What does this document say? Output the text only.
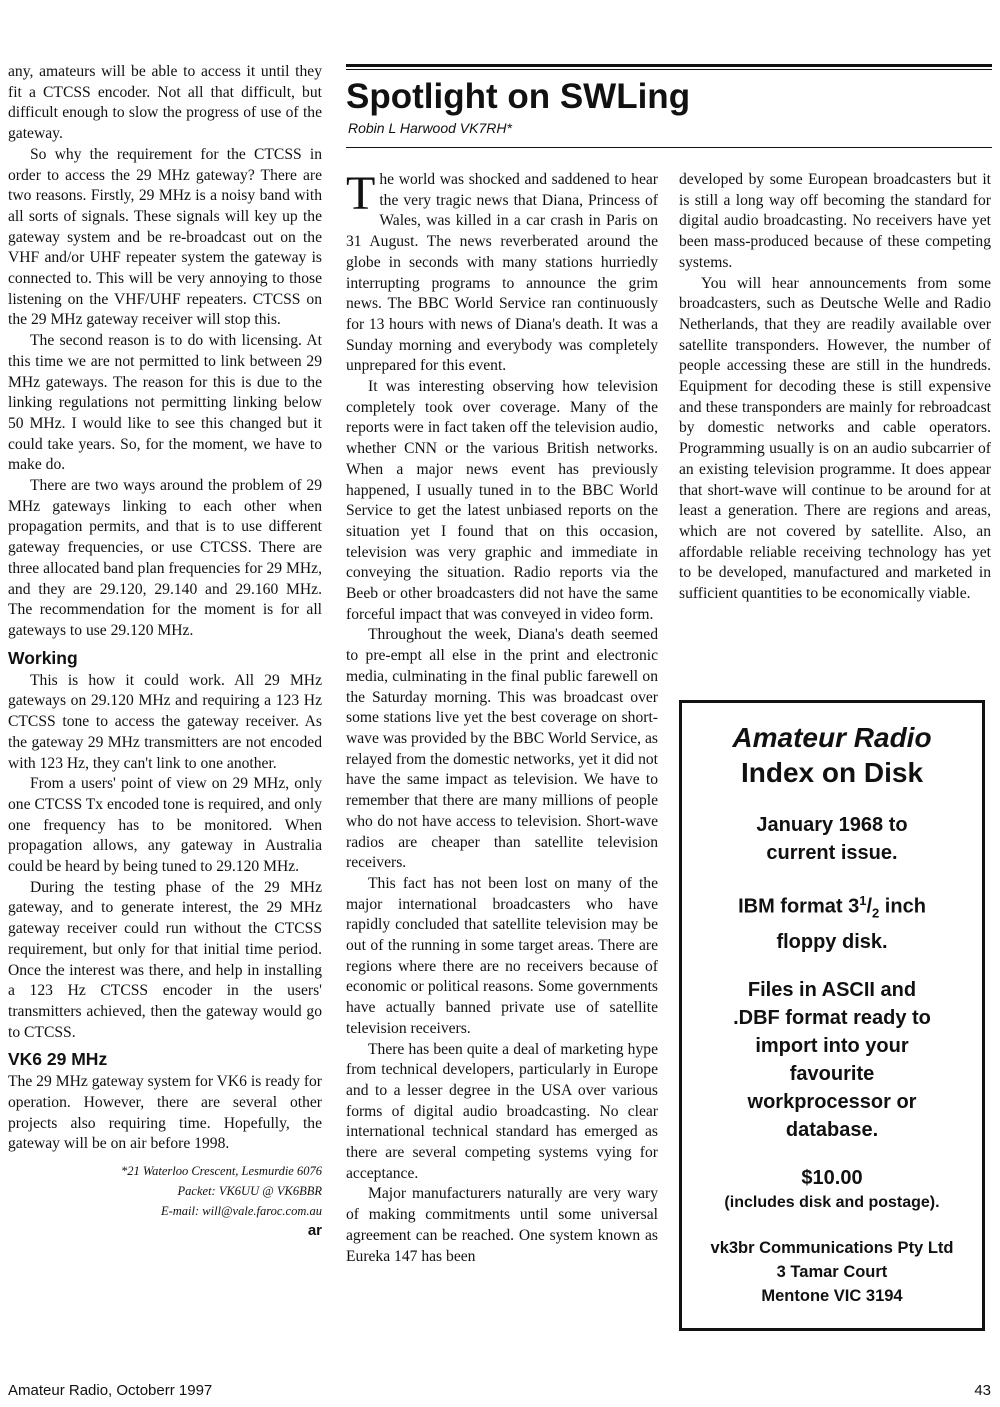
any, amateurs will be able to access it until they fit a CTCSS encoder. Not all that difficult, but difficult enough to slow the progress of use of the gateway.

So why the requirement for the CTCSS in order to access the 29 MHz gateway? There are two reasons. Firstly, 29 MHz is a noisy band with all sorts of signals. These signals will key up the gateway system and be re-broadcast out on the VHF and/or UHF repeater system the gateway is connected to. This will be very annoying to those listening on the VHF/UHF repeaters. CTCSS on the 29 MHz gateway receiver will stop this.

The second reason is to do with licensing. At this time we are not permitted to link between 29 MHz gateways. The reason for this is due to the linking regulations not permitting linking below 50 MHz. I would like to see this changed but it could take years. So, for the moment, we have to make do.

There are two ways around the problem of 29 MHz gateways linking to each other when propagation permits, and that is to use different gateway frequencies, or use CTCSS. There are three allocated band plan frequencies for 29 MHz, and they are 29.120, 29.140 and 29.160 MHz. The recommendation for the moment is for all gateways to use 29.120 MHz.

Working

This is how it could work. All 29 MHz gateways on 29.120 MHz and requiring a 123 Hz CTCSS tone to access the gateway receiver. As the gateway 29 MHz transmitters are not encoded with 123 Hz, they can't link to one another.

From a users' point of view on 29 MHz, only one CTCSS Tx encoded tone is required, and only one frequency has to be monitored. When propagation allows, any gateway in Australia could be heard by being tuned to 29.120 MHz.

During the testing phase of the 29 MHz gateway, and to generate interest, the 29 MHz gateway receiver could run without the CTCSS requirement, but only for that initial time period. Once the interest was there, and help in installing a 123 Hz CTCSS encoder in the users' transmitters achieved, then the gateway would go to CTCSS.

VK6 29 MHz

The 29 MHz gateway system for VK6 is ready for operation. However, there are several other projects also requiring time. Hopefully, the gateway will be on air before 1998.

*21 Waterloo Crescent, Lesmurdie 6076
Packet: VK6UU @ VK6BBR
E-mail: will@vale.faroc.com.au
ar
Spotlight on SWLing
Robin L Harwood VK7RH*

The world was shocked and saddened to hear the very tragic news that Diana, Princess of Wales, was killed in a car crash in Paris on 31 August. The news reverberated around the globe in seconds with many stations hurriedly interrupting programs to announce the grim news. The BBC World Service ran continuously for 13 hours with news of Diana's death. It was a Sunday morning and everybody was completely unprepared for this event.

It was interesting observing how television completely took over coverage. Many of the reports were in fact taken off the television audio, whether CNN or the various British networks. When a major news event has previously happened, I usually tuned in to the BBC World Service to get the latest unbiased reports on the situation yet I found that on this occasion, television was very graphic and immediate in conveying the situation. Radio reports via the Beeb or other broadcasters did not have the same forceful impact that was conveyed in video form.

Throughout the week, Diana's death seemed to pre-empt all else in the print and electronic media, culminating in the final public farewell on the Saturday morning. This was broadcast over some stations live yet the best coverage on short-wave was provided by the BBC World Service, as relayed from the domestic networks, yet it did not have the same impact as television. We have to remember that there are many millions of people who do not have access to television. Short-wave radios are cheaper than satellite television receivers.

This fact has not been lost on many of the major international broadcasters who have rapidly concluded that satellite television may be out of the running in some target areas. There are regions where there are no receivers because of economic or political reasons. Some governments have actually banned private use of satellite television receivers.

There has been quite a deal of marketing hype from technical developers, particularly in Europe and to a lesser degree in the USA over various forms of digital audio broadcasting. No clear international technical standard has emerged as there are several competing systems vying for acceptance.

Major manufacturers naturally are very wary of making commitments until some universal agreement can be reached. One system known as Eureka 147 has been

developed by some European broadcasters but it is still a long way off becoming the standard for digital audio broadcasting. No receivers have yet been mass-produced because of these competing systems.

You will hear announcements from some broadcasters, such as Deutsche Welle and Radio Netherlands, that they are readily available over satellite transponders. However, the number of people accessing these are still in the hundreds. Equipment for decoding these is still expensive and these transponders are mainly for rebroadcast by domestic networks and cable operators. Programming usually is on an audio subcarrier of an existing television programme. It does appear that short-wave will continue to be around for at least a generation. There are regions and areas, which are not covered by satellite. Also, an affordable reliable receiving technology has yet to be developed, manufactured and marketed in sufficient quantities to be economically viable.

Amateur Radio
Index on Disk
January 1968 to
current issue.
IBM format $3^1/_2$ inch
floppy disk.
Files in ASCII and
.DBF format ready to
import into your
favourite
workprocessor or
database.
$10.00
(includes disk and postage).
vk3br Communications Pty Ltd
3 Tamar Court
Mentone VIC 3194
Amateur Radio, Octoberr 1997	43
